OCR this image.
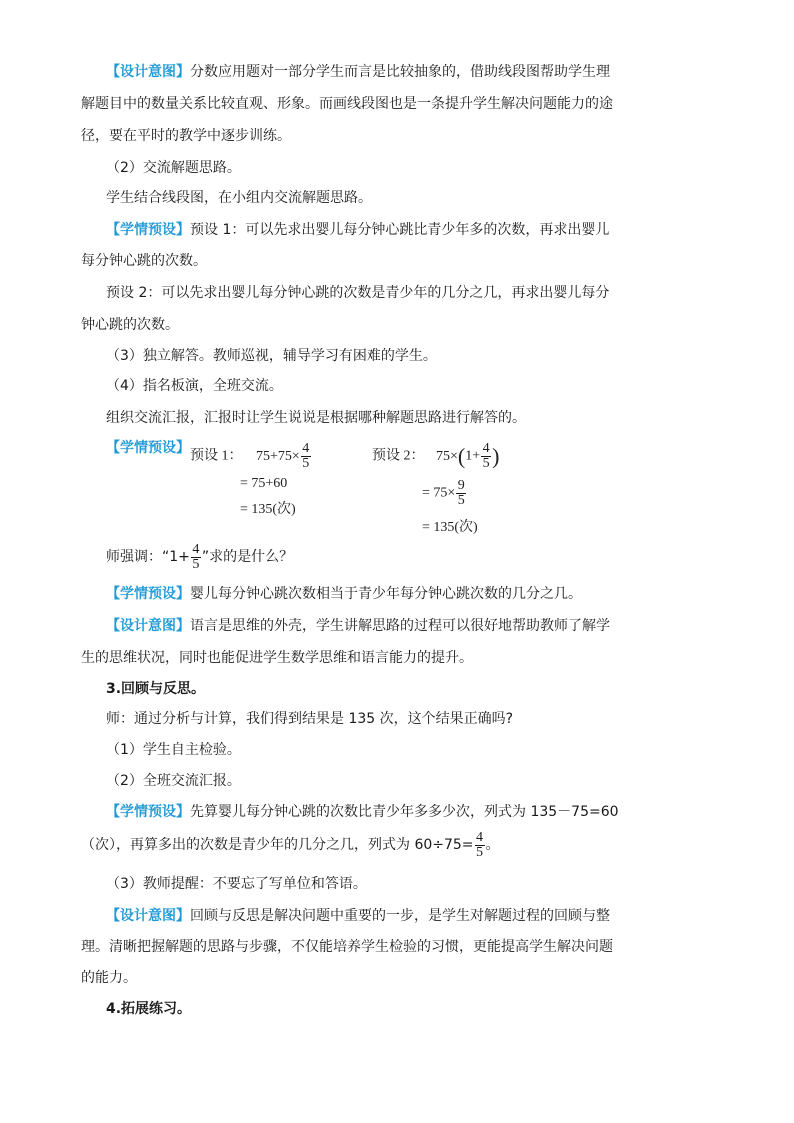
【设计意图】分数应用题对一部分学生而言是比较抽象的，借助线段图帮助学生理
解题目中的数量关系比较直观、形象。而画线段图也是一条提升学生解决问题能力的途
径，要在平时的教学中逐步训练。
（2）交流解题思路。
学生结合线段图，在小组内交流解题思路。
【学情预设】预设 1：可以先求出婴儿每分钟心跳比青少年多的次数，再求出婴儿
每分钟心跳的次数。
预设 2：可以先求出婴儿每分钟心跳的次数是青少年的几分之几，再求出婴儿每分
钟心跳的次数。
（3）独立解答。教师巡视，辅导学习有困难的学生。
（4）指名板演，全班交流。
组织交流汇报，汇报时让学生说说是根据哪种解题思路进行解答的。
【学情预设】
预设 1： $75+75\times \frac{4}{5}$
= 75+60
= 135(次)
预设 2： $75\times(1+ \frac{4}{5}$ )
= $75\times \frac{9}{5}$
= 135(次)
师强调：“$1+ \frac{4}{5}$ ”求的是什么？
【学情预设】婴儿每分钟心跳次数相当于青少年每分钟心跳次数的几分之几。
【设计意图】语言是思维的外壳，学生讲解思路的过程可以很好地帮助教师了解学
生的思维状况，同时也能促进学生数学思维和语言能力的提升。
3.回顾与反思。
师：通过分析与计算，我们得到结果是 135 次，这个结果正确吗?
（1）学生自主检验。
（2）全班交流汇报。
【学情预设】先算婴儿每分钟心跳的次数比青少年多多少次，列式为 135－75=60
（次），再算多出的次数是青少年的几分之几，列式为 $60\div 75= \frac{4}{5}$ 。
（3）教师提醒：不要忘了写单位和答语。
【设计意图】回顾与反思是解决问题中重要的一步，是学生对解题过程的回顾与整
理。清晰把握解题的思路与步骤，不仅能培养学生检验的习惯，更能提高学生解决问题
的能力。
4.拓展练习。
